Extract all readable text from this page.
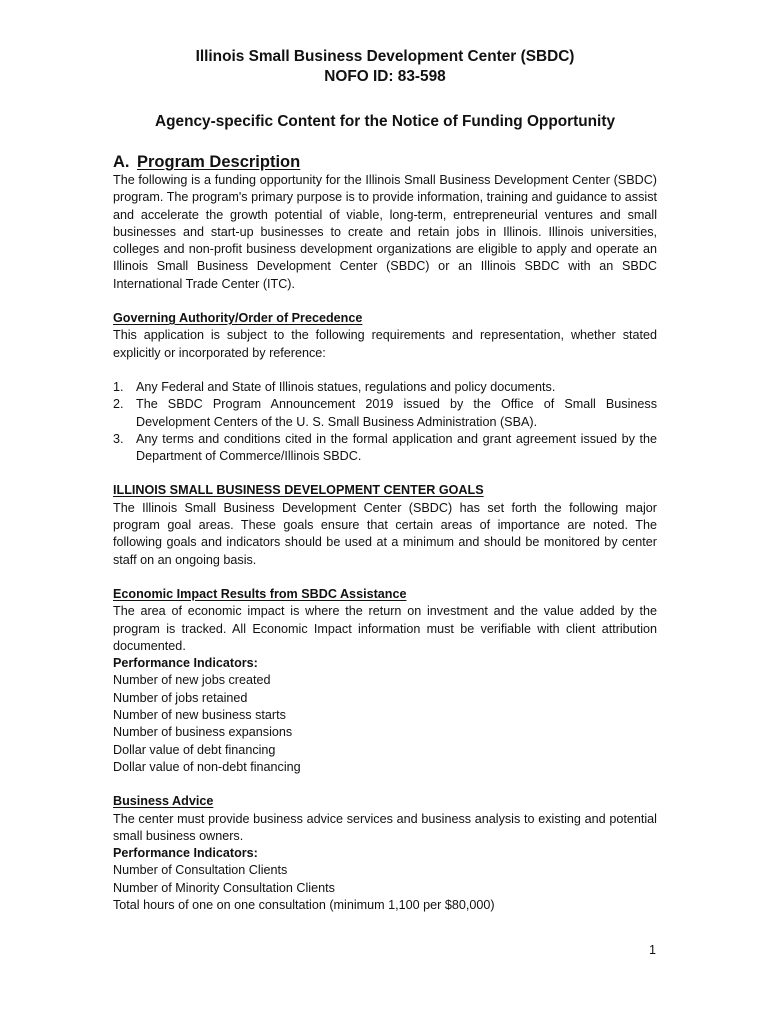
Illinois Small Business Development Center (SBDC)
NOFO ID: 83-598
Agency-specific Content for the Notice of Funding Opportunity
A. Program Description

The following is a funding opportunity for the Illinois Small Business Development Center (SBDC) program. The program's primary purpose is to provide information, training and guidance to assist and accelerate the growth potential of viable, long-term, entrepreneurial ventures and small businesses and start-up businesses to create and retain jobs in Illinois. Illinois universities, colleges and non-profit business development organizations are eligible to apply and operate an Illinois Small Business Development Center (SBDC) or an Illinois SBDC with an SBDC International Trade Center (ITC).

Governing Authority/Order of Precedence

This application is subject to the following requirements and representation, whether stated explicitly or incorporated by reference:

1. Any Federal and State of Illinois statues, regulations and policy documents.
2. The SBDC Program Announcement 2019 issued by the Office of Small Business Development Centers of the U. S. Small Business Administration (SBA).
3. Any terms and conditions cited in the formal application and grant agreement issued by the Department of Commerce/Illinois SBDC.
ILLINOIS SMALL BUSINESS DEVELOPMENT CENTER GOALS

The Illinois Small Business Development Center (SBDC) has set forth the following major program goal areas. These goals ensure that certain areas of importance are noted. The following goals and indicators should be used at a minimum and should be monitored by center staff on an ongoing basis.

Economic Impact Results from SBDC Assistance

The area of economic impact is where the return on investment and the value added by the program is tracked. All Economic Impact information must be verifiable with client attribution documented.

Performance Indicators:
Number of new jobs created
Number of jobs retained
Number of new business starts
Number of business expansions
Dollar value of debt financing
Dollar value of non-debt financing
Business Advice

The center must provide business advice services and business analysis to existing and potential small business owners.

Performance Indicators:
Number of Consultation Clients
Number of Minority Consultation Clients
Total hours of one on one consultation (minimum 1,100 per $80,000)
1
